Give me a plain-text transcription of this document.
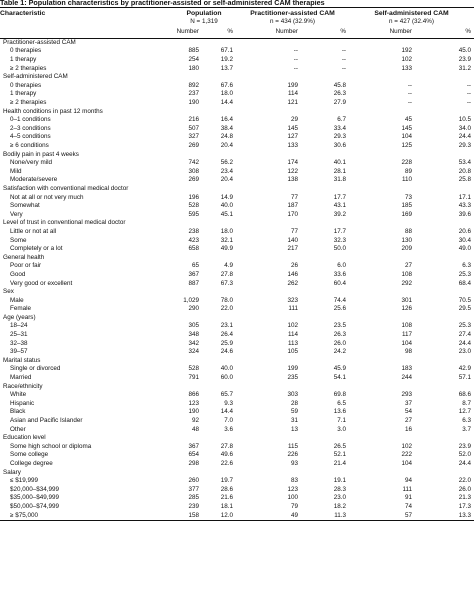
Table 1: Population characteristics by practitioner-assisted or self-administered CAM therapies
Characteristic	Population		Practitioner-assisted CAM		Self-administered CAM	
	N = 1,319		n = 434 (32.9%)		n = 427 (32.4%)	
	Number	%	Number	%	Number	%
Practitioner-assisted CAM						
0 therapies	885	67.1	--	--	192	45.0
1 therapy	254	19.2	--	--	102	23.9
≥ 2 therapies	180	13.7	--	--	133	31.2
Self-administered CAM						
0 therapies	892	67.6	199	45.8	--	--
1 therapy	237	18.0	114	26.3	--	--
≥ 2 therapies	190	14.4	121	27.9	--	--
Health conditions in past 12 months						
0–1 conditions	216	16.4	29	6.7	45	10.5
2–3 conditions	507	38.4	145	33.4	145	34.0
4–5 conditions	327	24.8	127	29.3	104	24.4
≥ 6 conditions	269	20.4	133	30.6	125	29.3
Bodily pain in past 4 weeks						
None/very mild	742	56.2	174	40.1	228	53.4
Mild	308	23.4	122	28.1	89	20.8
Moderate/severe	269	20.4	138	31.8	110	25.8
Satisfaction with conventional medical doctor						
Not at all or not very much	196	14.9	77	17.7	73	17.1
Somewhat	528	40.0	187	43.1	185	43.3
Very	595	45.1	170	39.2	169	39.6
Level of trust in conventional medical doctor						
Little or not at all	238	18.0	77	17.7	88	20.6
Some	423	32.1	140	32.3	130	30.4
Completely or a lot	658	49.9	217	50.0	209	49.0
General health						
Poor or fair	65	4.9	26	6.0	27	6.3
Good	367	27.8	146	33.6	108	25.3
Very good or excellent	887	67.3	262	60.4	292	68.4
Sex						
Male	1,029	78.0	323	74.4	301	70.5
Female	290	22.0	111	25.6	126	29.5
Age (years)						
18–24	305	23.1	102	23.5	108	25.3
25–31	348	26.4	114	26.3	117	27.4
32–38	342	25.9	113	26.0	104	24.4
39–57	324	24.6	105	24.2	98	23.0
Marital status						
Single or divorced	528	40.0	199	45.9	183	42.9
Married	791	60.0	235	54.1	244	57.1
Race/ethnicity						
White	866	65.7	303	69.8	293	68.6
Hispanic	123	9.3	28	6.5	37	8.7
Black	190	14.4	59	13.6	54	12.7
Asian and Pacific Islander	92	7.0	31	7.1	27	6.3
Other	48	3.6	13	3.0	16	3.7
Education level						
Some high school or diploma	367	27.8	115	26.5	102	23.9
Some college	654	49.6	226	52.1	222	52.0
College degree	298	22.6	93	21.4	104	24.4
Salary						
≤ $19,999	260	19.7	83	19.1	94	22.0
$20,000–$34,999	377	28.6	123	28.3	111	26.0
$35,000–$49,999	285	21.6	100	23.0	91	21.3
$50,000–$74,999	239	18.1	79	18.2	74	17.3
≥ $75,000	158	12.0	49	11.3	57	13.3
